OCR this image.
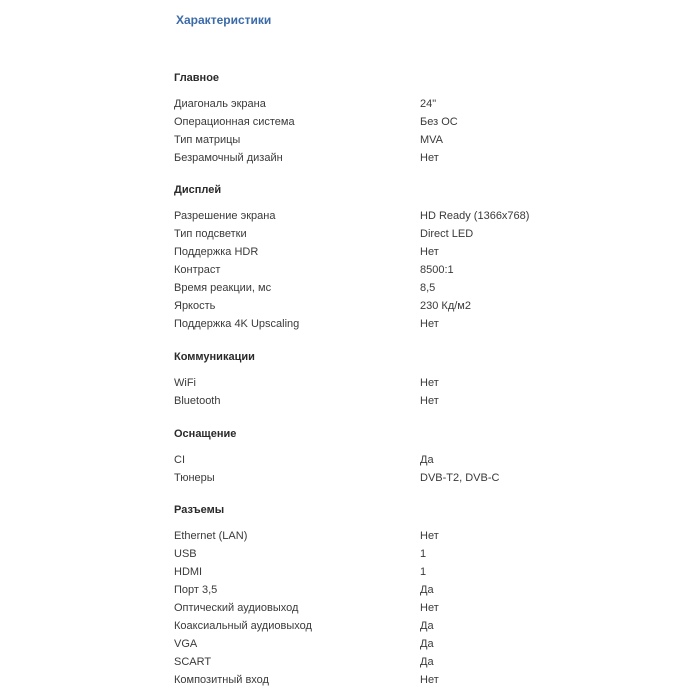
Характеристики
Главное
Диагональ экрана	24"
Операционная система	Без ОС
Тип матрицы	MVA
Безрамочный дизайн	Нет
Дисплей
Разрешение экрана	HD Ready (1366x768)
Тип подсветки	Direct LED
Поддержка HDR	Нет
Контраст	8500:1
Время реакции, мс	8,5
Яркость	230 Кд/м2
Поддержка 4K Upscaling	Нет
Коммуникации
WiFi	Нет
Bluetooth	Нет
Оснащение
CI	Да
Тюнеры	DVB-T2, DVB-C
Разъемы
Ethernet (LAN)	Нет
USB	1
HDMI	1
Порт 3,5	Да
Оптический аудиовыход	Нет
Коаксиальный аудиовыход	Да
VGA	Да
SCART	Да
Композитный вход	Нет
